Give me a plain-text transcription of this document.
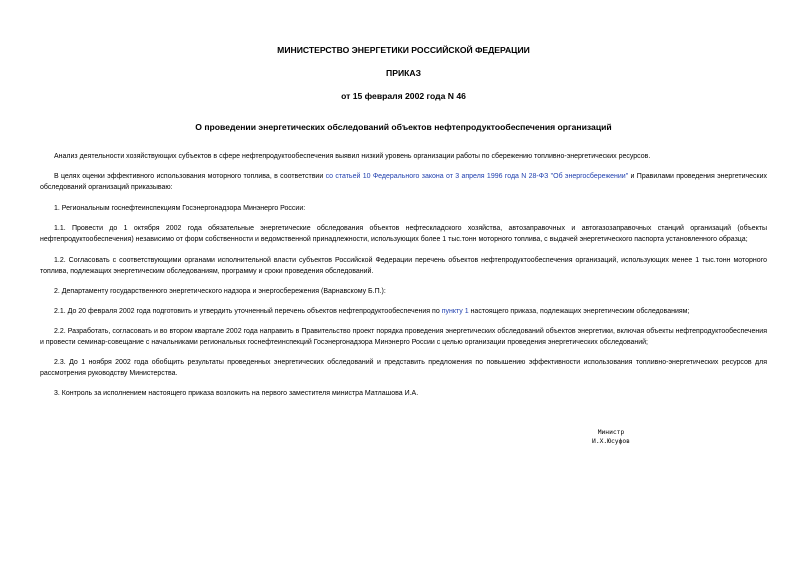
МИНИСТЕРСТВО ЭНЕРГЕТИКИ РОССИЙСКОЙ ФЕДЕРАЦИИ
ПРИКАЗ
от 15 февраля 2002 года N 46
О проведении энергетических обследований объектов нефтепродуктообеспечения организаций
Анализ деятельности хозяйствующих субъектов в сфере нефтепродуктообеспечения выявил низкий уровень организации работы по сбережению топливно-энергетических ресурсов.
В целях оценки эффективного использования моторного топлива, в соответствии со статьей 10 Федерального закона от 3 апреля 1996 года N 28-ФЗ "Об энергосбережении" и Правилами проведения энергетических обследований организаций приказываю:
1. Региональным госнефтеинспекциям Госэнергонадзора Минэнерго России:
1.1. Провести до 1 октября 2002 года обязательные энергетические обследования объектов нефтескладского хозяйства, автозаправочных и автогазозаправочных станций организаций (объекты нефтепродуктообеспечения) независимо от форм собственности и ведомственной принадлежности, использующих более 1 тыс.тонн моторного топлива, с выдачей энергетического паспорта установленного образца;
1.2. Согласовать с соответствующими органами исполнительной власти субъектов Российской Федерации перечень объектов нефтепродуктообеспечения организаций, использующих менее 1 тыс.тонн моторного топлива, подлежащих энергетическим обследованиям, программу и сроки проведения обследований.
2. Департаменту государственного энергетического надзора и энергосбережения (Варнавскому Б.П.):
2.1. До 20 февраля 2002 года подготовить и утвердить уточненный перечень объектов нефтепродуктообеспечения по пункту 1 настоящего приказа, подлежащих энергетическим обследованиям;
2.2. Разработать, согласовать и во втором квартале 2002 года направить в Правительство проект порядка проведения энергетических обследований объектов энергетики, включая объекты нефтепродуктообеспечения и провести семинар-совещание с начальниками региональных госнефтеинспекций Госэнергонадзора Минэнерго России с целью организации проведения энергетических обследований;
2.3. До 1 ноября 2002 года обобщить результаты проведенных энергетических обследований и представить предложения по повышению эффективности использования топливно-энергетических ресурсов для рассмотрения руководству Министерства.
3. Контроль за исполнением настоящего приказа возложить на первого заместителя министра Матлашова И.А.
Министр
И.Х.Юсуфов
